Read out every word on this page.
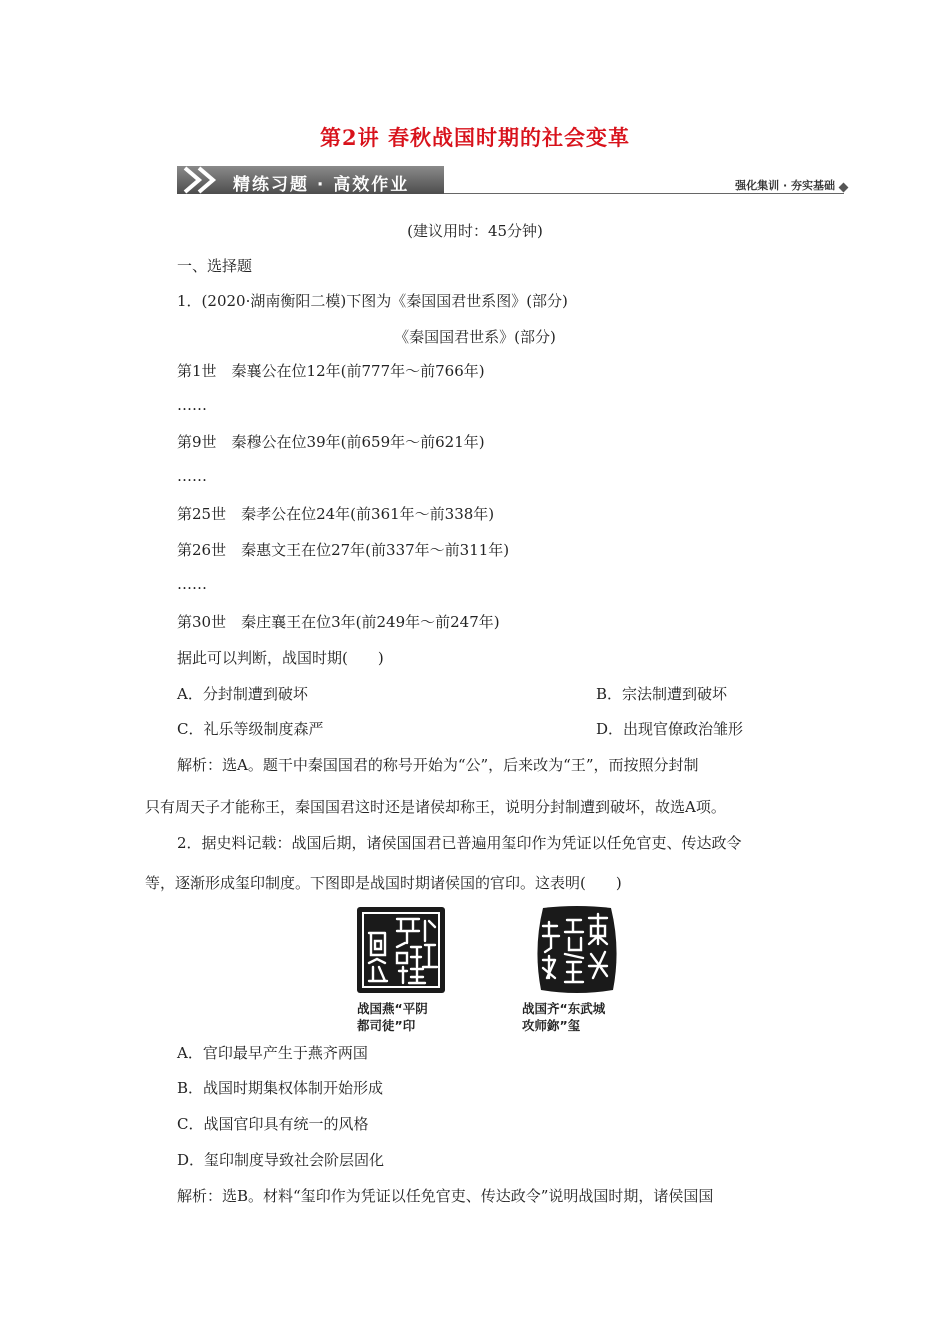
第2讲 春秋战国时期的社会变革
精练习题 · 高效作业	强化集训 · 夯实基础
(建议用时：45分钟)
一、选择题
1．(2020·湖南衡阳二模)下图为《秦国国君世系图》(部分)
《秦国国君世系》(部分)
第1世　秦襄公在位12年(前777年～前766年)
……
第9世　秦穆公在位39年(前659年～前621年)
……
第25世　秦孝公在位24年(前361年～前338年)
第26世　秦惠文王在位27年(前337年～前311年)
……
第30世　秦庄襄王在位3年(前249年～前247年)
据此可以判断，战国时期(　　)
A．分封制遭到破坏	B．宗法制遭到破坏
C．礼乐等级制度森严	D．出现官僚政治雏形
解析：选A。题干中秦国国君的称号开始为“公”，后来改为“王”，而按照分封制
只有周天子才能称王，秦国国君这时还是诸侯却称王，说明分封制遭到破坏，故选A项。
2．据史料记载：战国后期，诸侯国国君已普遍用玺印作为凭证以任免官吏、传达政令
等，逐渐形成玺印制度。下图即是战国时期诸侯国的官印。这表明(　　)
战国燕“平阴
都司徒”印
战国齐“东武城
攻师鉨”玺
A．官印最早产生于燕齐两国
B．战国时期集权体制开始形成
C．战国官印具有统一的风格
D．玺印制度导致社会阶层固化
解析：选B。材料“玺印作为凭证以任免官吏、传达政令”说明战国时期，诸侯国国
